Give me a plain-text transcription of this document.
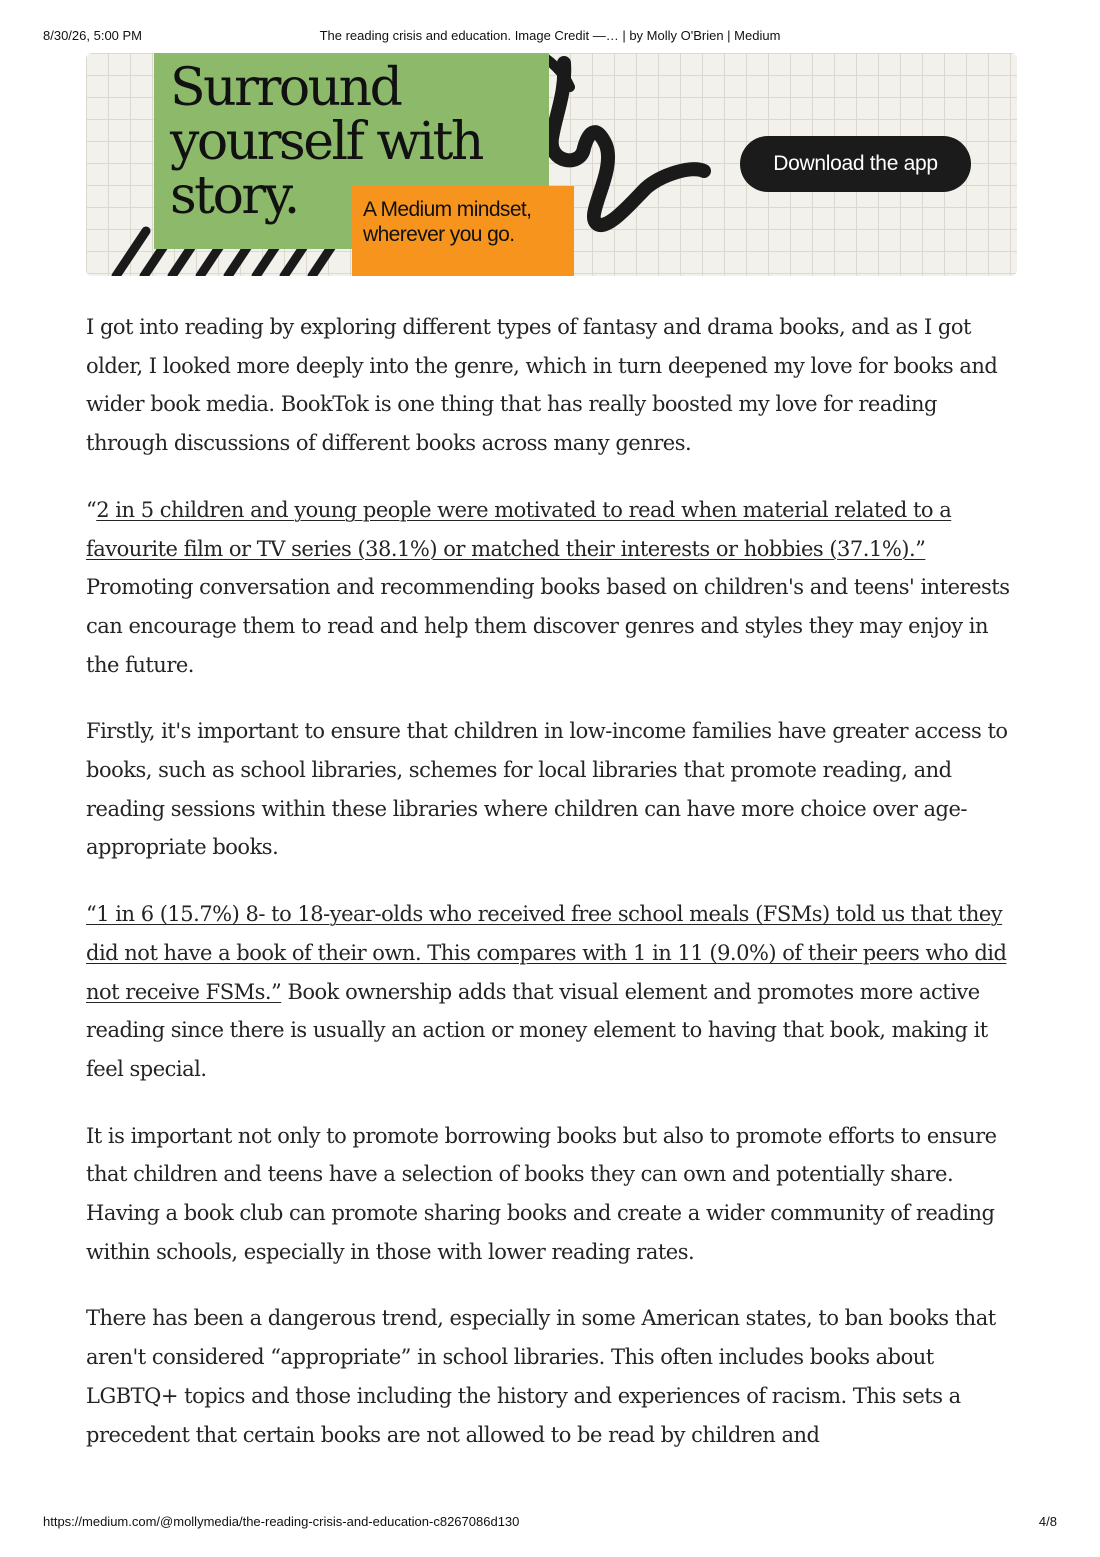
8/30/26, 5:00 PM	The reading crisis and education. Image Credit —… | by Molly O'Brien | Medium
Surround yourself with story.	A Medium mindset, wherever you go.
Download the app

I got into reading by exploring different types of fantasy and drama books, and as I got older, I looked more deeply into the genre, which in turn deepened my love for books and wider book media. BookTok is one thing that has really boosted my love for reading through discussions of different books across many genres.

“2 in 5 children and young people were motivated to read when material related to a favourite film or TV series (38.1%) or matched their interests or hobbies (37.1%).” Promoting conversation and recommending books based on children's and teens' interests can encourage them to read and help them discover genres and styles they may enjoy in the future.

Firstly, it's important to ensure that children in low-income families have greater access to books, such as school libraries, schemes for local libraries that promote reading, and reading sessions within these libraries where children can have more choice over age-appropriate books.

“1 in 6 (15.7%) 8- to 18-year-olds who received free school meals (FSMs) told us that they did not have a book of their own. This compares with 1 in 11 (9.0%) of their peers who did not receive FSMs.” Book ownership adds that visual element and promotes more active reading since there is usually an action or money element to having that book, making it feel special.

It is important not only to promote borrowing books but also to promote efforts to ensure that children and teens have a selection of books they can own and potentially share. Having a book club can promote sharing books and create a wider community of reading within schools, especially in those with lower reading rates.

There has been a dangerous trend, especially in some American states, to ban books that aren't considered “appropriate” in school libraries. This often includes books about LGBTQ+ topics and those including the history and experiences of racism. This sets a precedent that certain books are not allowed to be read by children and

https://medium.com/@mollymedia/the-reading-crisis-and-education-c8267086d130	4/8
